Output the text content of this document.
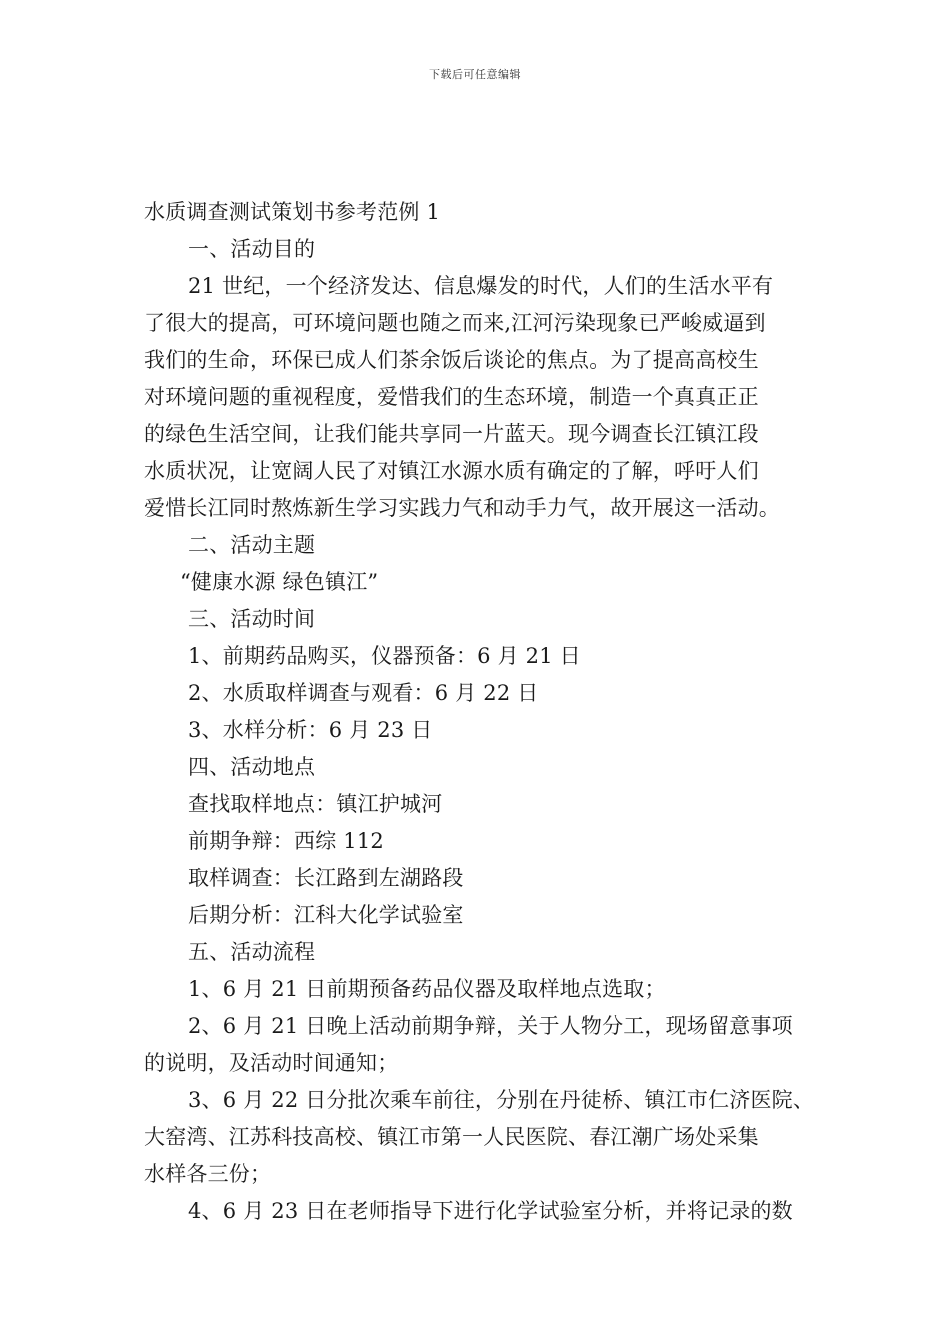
下载后可任意编辑
水质调查测试策划书参考范例 1
一、活动目的
21 世纪，一个经济发达、信息爆发的时代，人们的生活水平有
了很大的提高，可环境问题也随之而来,江河污染现象已严峻威逼到
我们的生命，环保已成人们茶余饭后谈论的焦点。为了提高高校生
对环境问题的重视程度，爱惜我们的生态环境，制造一个真真正正
的绿色生活空间，让我们能共享同一片蓝天。现今调查长江镇江段
水质状况，让宽阔人民了对镇江水源水质有确定的了解，呼吁人们
爱惜长江同时熬炼新生学习实践力气和动手力气，故开展这一活动。
二、活动主题
“健康水源 绿色镇江”
三、活动时间
1、前期药品购买，仪器预备：6 月 21 日
2、水质取样调查与观看：6 月 22 日
3、水样分析：6 月 23 日
四、活动地点
查找取样地点：镇江护城河
前期争辩：西综 112
取样调查：长江路到左湖路段
后期分析：江科大化学试验室
五、活动流程
1、6 月 21 日前期预备药品仪器及取样地点选取；
2、6 月 21 日晚上活动前期争辩，关于人物分工，现场留意事项
的说明，及活动时间通知；
3、6 月 22 日分批次乘车前往，分别在丹徒桥、镇江市仁济医院、
大窑湾、江苏科技高校、镇江市第一人民医院、春江潮广场处采集
水样各三份；
4、6 月 23 日在老师指导下进行化学试验室分析，并将记录的数
